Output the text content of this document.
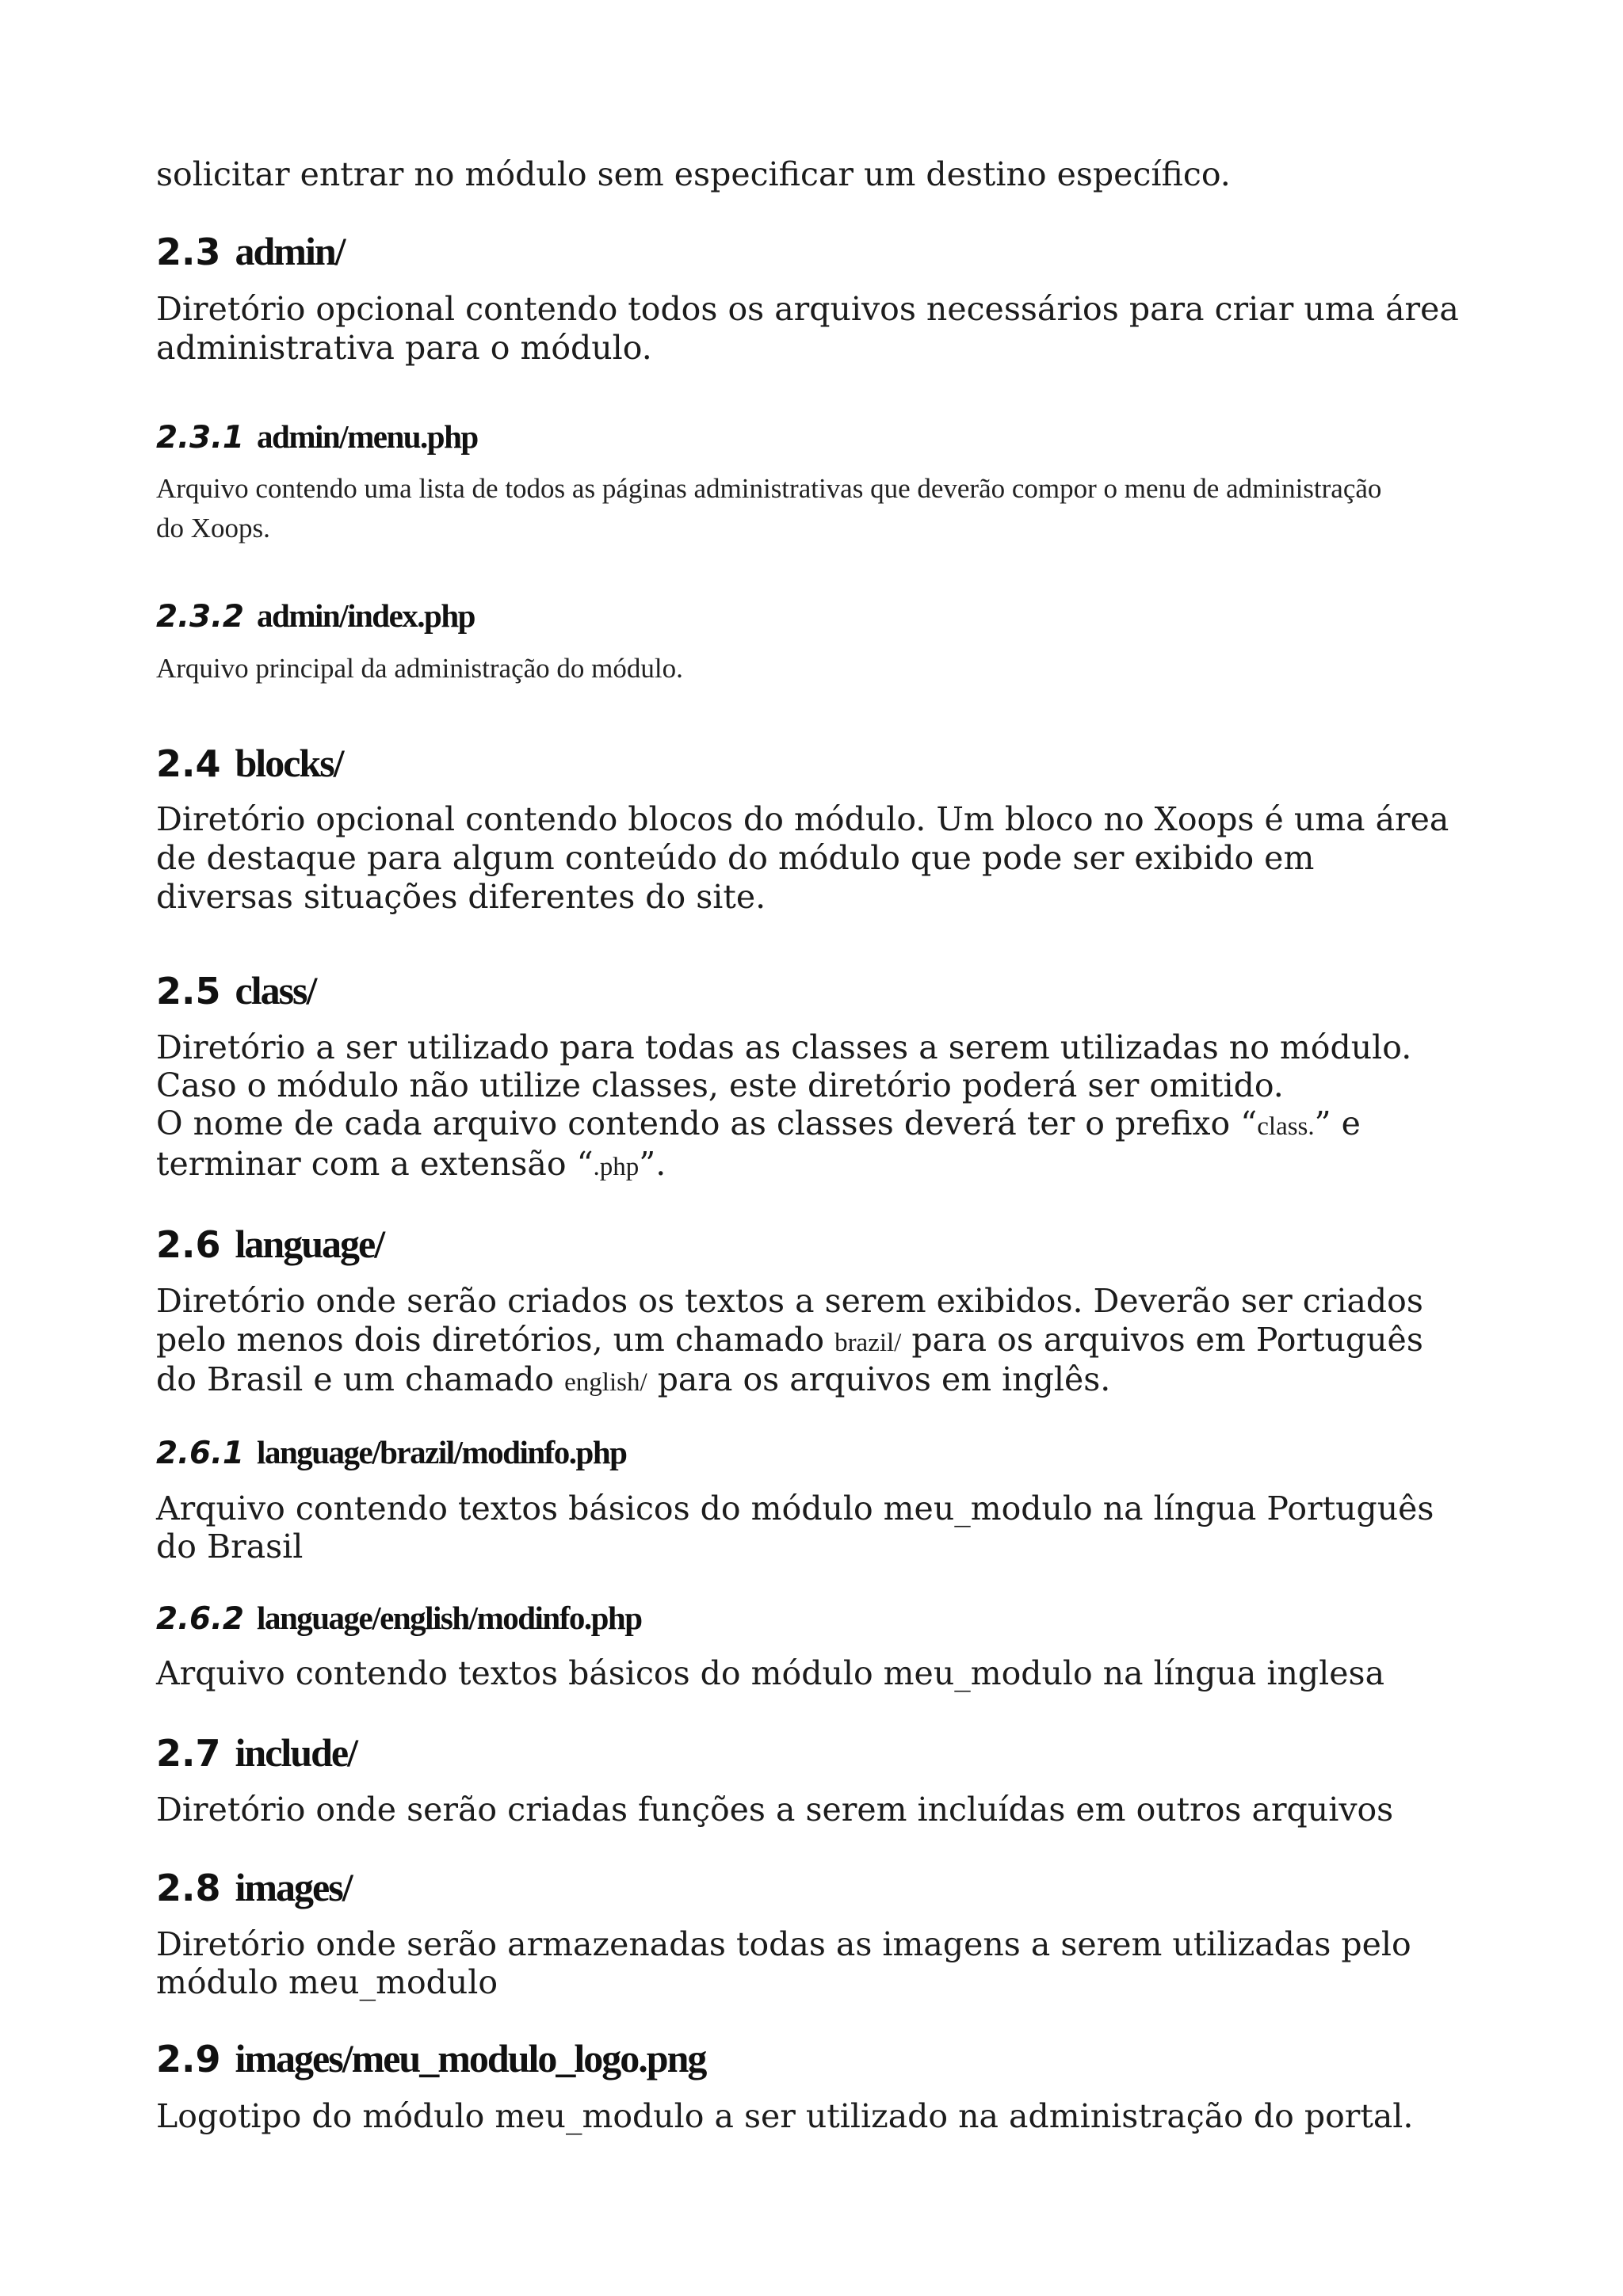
solicitar entrar no módulo sem especificar um destino específico.
2.3 admin/
Diretório opcional contendo todos os arquivos necessários para criar uma área
administrativa para o módulo.
2.3.1 admin/menu.php
Arquivo contendo uma lista de todos as páginas administrativas que deverão compor o menu de administração
do Xoops.
2.3.2 admin/index.php
Arquivo principal da administração do módulo.
2.4 blocks/
Diretório opcional contendo blocos do módulo. Um bloco no Xoops é uma área
de destaque para algum conteúdo do módulo que pode ser exibido em
diversas situações diferentes do site.
2.5 class/
Diretório a ser utilizado para todas as classes a serem utilizadas no módulo.
Caso o módulo não utilize classes, este diretório poderá ser omitido.
O nome de cada arquivo contendo as classes deverá ter o prefixo “class.” e
terminar com a extensão “.php”.
2.6 language/
Diretório onde serão criados os textos a serem exibidos. Deverão ser criados
pelo menos dois diretórios, um chamado brazil/ para os arquivos em Português
do Brasil e um chamado english/ para os arquivos em inglês.
2.6.1 language/brazil/modinfo.php
Arquivo contendo textos básicos do módulo meu_modulo na língua Português
do Brasil
2.6.2 language/english/modinfo.php
Arquivo contendo textos básicos do módulo meu_modulo na língua inglesa
2.7 include/
Diretório onde serão criadas funções a serem incluídas em outros arquivos
2.8 images/
Diretório onde serão armazenadas todas as imagens a serem utilizadas pelo
módulo meu_modulo
2.9 images/meu_modulo_logo.png
Logotipo do módulo meu_modulo a ser utilizado na administração do portal.
